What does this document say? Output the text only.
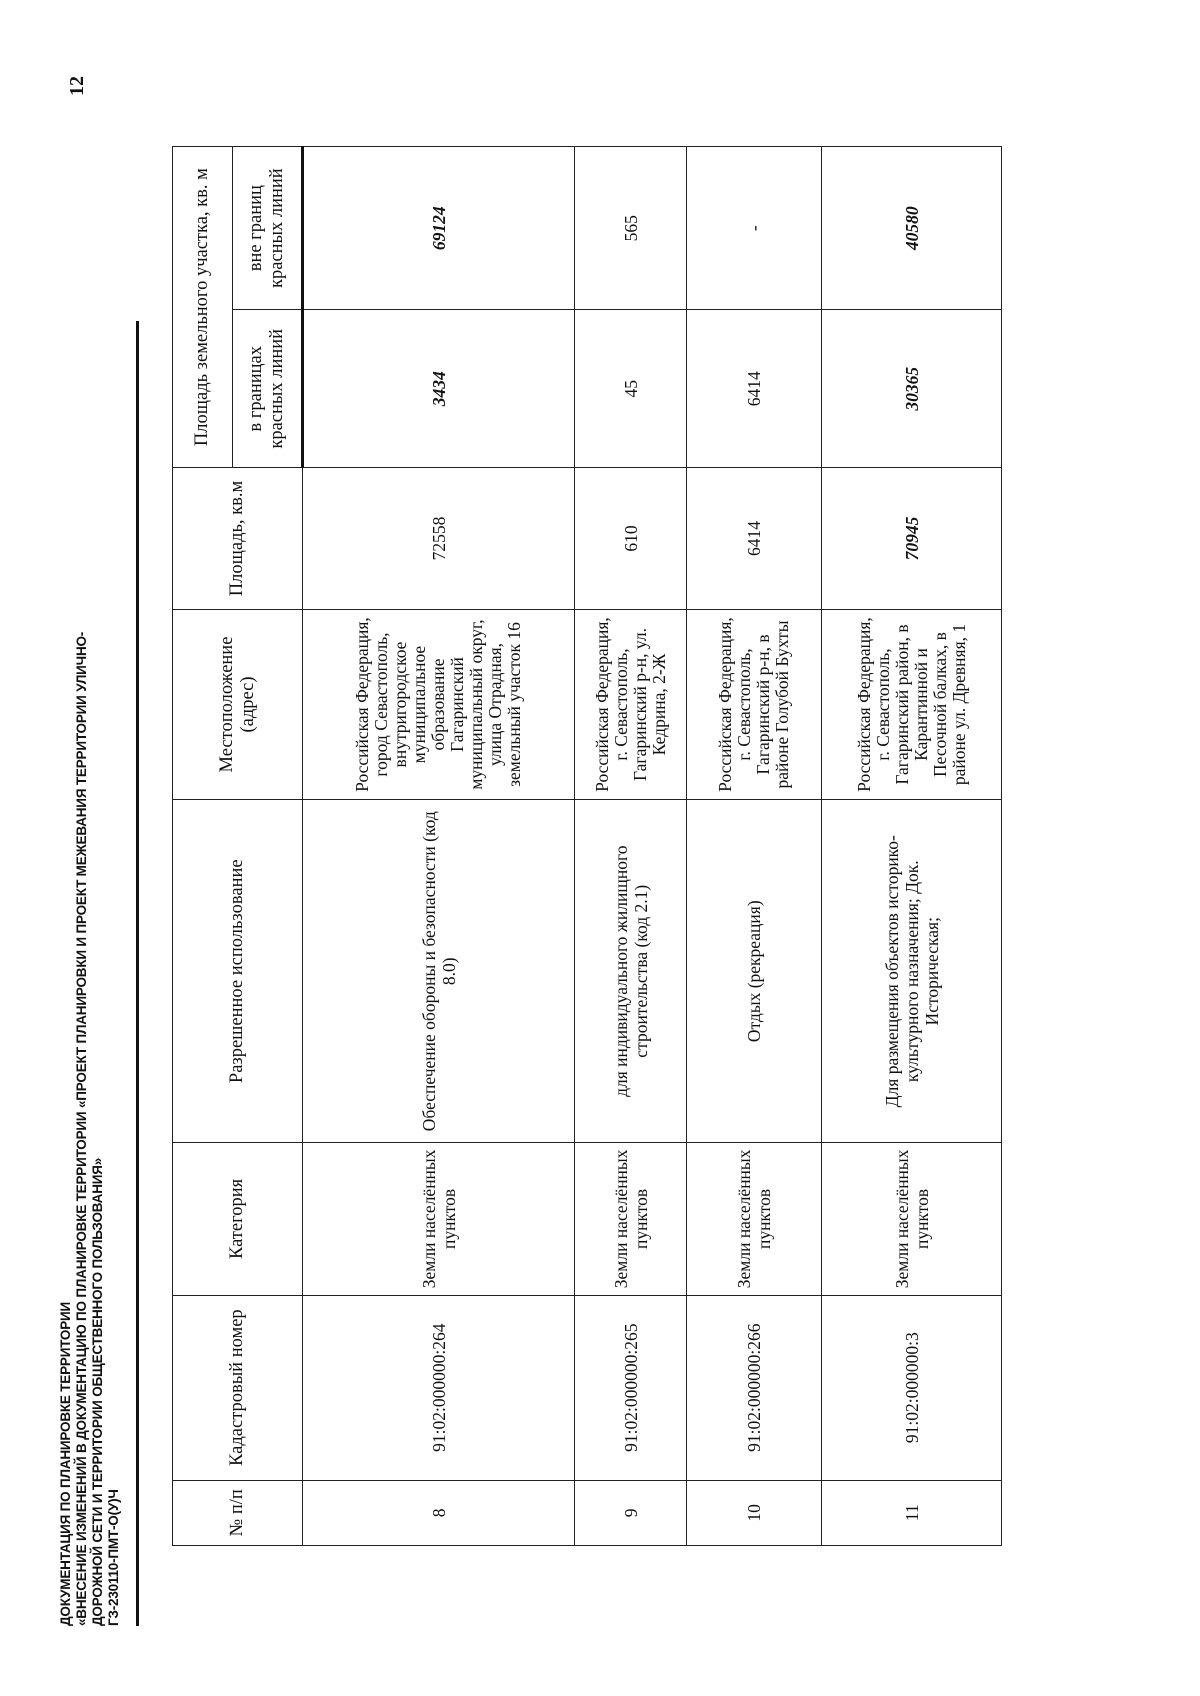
ДОКУМЕНТАЦИЯ ПО ПЛАНИРОВКЕ ТЕРРИТОРИИ «ВНЕСЕНИЕ ИЗМЕНЕНИЙ В ДОКУМЕНТАЦИЮ ПО ПЛАНИРОВКЕ ТЕРРИТОРИИ «ПРОЕКТ ПЛАНИРОВКИ И ПРОЕКТ МЕЖЕВАНИЯ ТЕРРИТОРИИ УЛИЧНО- ДОРОЖНОЙ СЕТИ И ТЕРРИТОРИИ ОБЩЕСТВЕННОГО ПОЛЬЗОВАНИЯ» ГЗ-230110-ПМТ-О(У)Ч
12
№ п/п	Кадастровый номер	Категория	Разрешенное использование	Местоположение (адрес)	Площадь, кв.м	Площадь земельного участка, кв. м	
						в границах красных линий	вне границ красных линий
8	91:02:000000:264	Земли населённых пунктов	Обеспечение обороны и безопасности (код 8.0)	Российская Федерация, город Севастополь, внутригородское муниципальное образование Гагаринский муниципальный округ, улица Отрадная, земельный участок 16	72558	3434	69124
9	91:02:000000:265	Земли населённых пунктов	для индивидуального жилищного строительства (код 2.1)	Российская Федерация, г. Севастополь, Гагаринский р-н, ул. Кедрина, 2-Ж	610	45	565
10	91:02:000000:266	Земли населённых пунктов	Отдых (рекреация)	Российская Федерация, г. Севастополь, Гагаринский р-н, в районе Голубой Бухты	6414	6414	-
11	91:02:000000:3	Земли населённых пунктов	Для размещения объектов историко-культурного назначения; Док. Историческая;	Российская Федерация, г. Севастополь, Гагаринский район, в Карантинной и Песочной балках, в районе ул. Древняя, 1	70945	30365	40580
